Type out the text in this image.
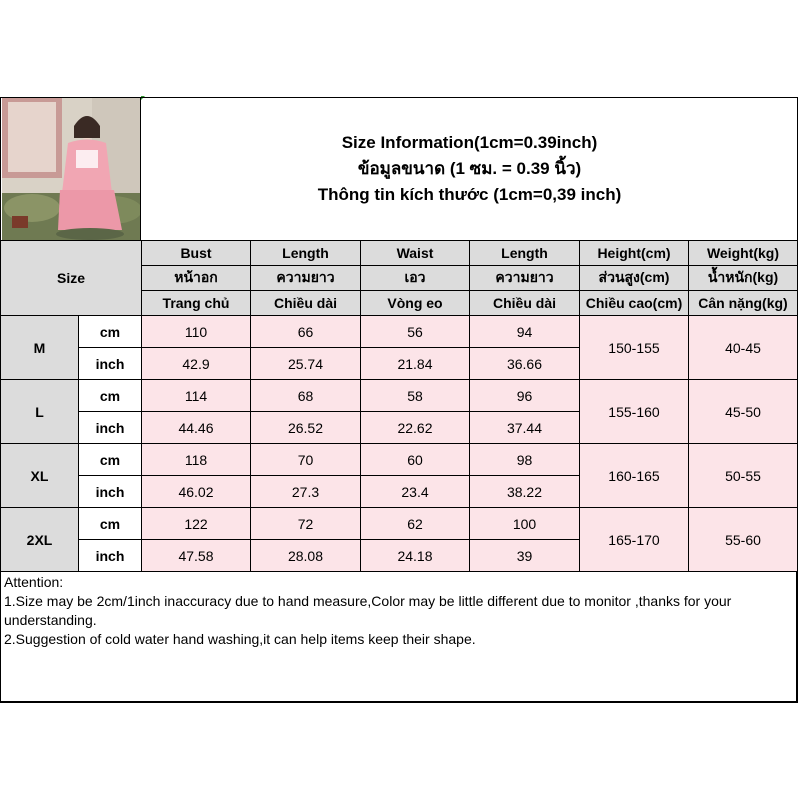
Size Information(1cm=0.39inch)
ข้อมูลขนาด (1 ซม. = 0.39 นิ้ว)
Thông tin kích thước (1cm=0,39 inch)
Size		Bust	Length	Waist	Length	Height(cm)	Weight(kg)
		หน้าอก	ความยาว	เอว	ความยาว	ส่วนสูง(cm)	น้ำหนัก(kg)
		Trang chủ	Chiều dài	Vòng eo	Chiều dài	Chiều cao(cm)	Cân nặng(kg)
M	cm	110	66	56	94	150-155	40-45
	inch	42.9	25.74	21.84	36.66		
L	cm	114	68	58	96	155-160	45-50
	inch	44.46	26.52	22.62	37.44		
XL	cm	118	70	60	98	160-165	50-55
	inch	46.02	27.3	23.4	38.22		
2XL	cm	122	72	62	100	165-170	55-60
	inch	47.58	28.08	24.18	39		
Attention:
1.Size may be 2cm/1inch inaccuracy due to hand measure,Color may be little different due to monitor ,thanks for your understanding.
2.Suggestion of cold water hand washing,it can help items keep their shape.
